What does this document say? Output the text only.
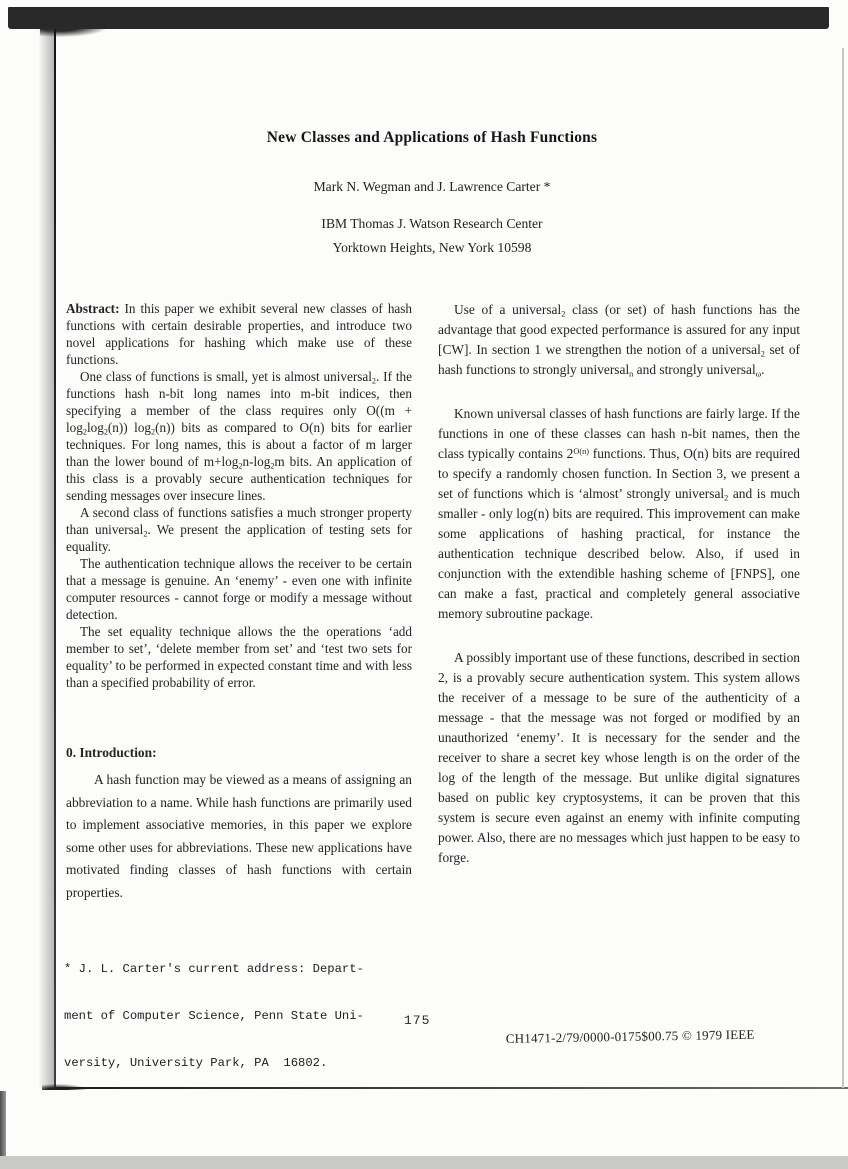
New Classes and Applications of Hash Functions
Mark N. Wegman and J. Lawrence Carter *
IBM Thomas J. Watson Research Center
Yorktown Heights, New York 10598

Abstract: In this paper we exhibit several new classes of hash functions with certain desirable properties, and introduce two novel applications for hashing which make use of these functions.

One class of functions is small, yet is almost universal$_2$. If the functions hash n-bit long names into m-bit indices, then specifying a member of the class requires only $O((m + \log_2\log_2(n))$ $\log_2(n)$) bits as compared to O(n) bits for earlier techniques. For long names, this is about a factor of m larger than the lower bound of $m+\log_2n-\log_2m$ bits. An application of this class is a provably secure authentication techniques for sending messages over insecure lines.

A second class of functions satisfies a much stronger property than universal$_2$. We present the application of testing sets for equality.

The authentication technique allows the receiver to be certain that a message is genuine. An ‘enemy’ - even one with infinite computer resources - cannot forge or modify a message without detection.

The set equality technique allows the the operations ‘add member to set’, ‘delete member from set’ and ‘test two sets for equality’ to be performed in expected constant time and with less than a specified probability of error.

0. Introduction:

A hash function may be viewed as a means of assigning an abbreviation to a name. While hash functions are primarily used to implement associative memories, in this paper we explore some other uses for abbreviations. These new applications have motivated finding classes of hash functions with certain properties.

* J. L. Carter's current address: Depart-

ment of Computer Science, Penn State Uni-

versity, University Park, PA  16802.

Use of a universal$_2$ class (or set) of hash functions has the advantage that good expected performance is assured for any input [CW]. In section 1 we strengthen the notion of a universal$_2$ set of hash functions to strongly universal$_n$ and strongly universal$_\omega$.

Known universal classes of hash functions are fairly large. If the functions in one of these classes can hash n-bit names, then the class typically contains $2^{O(n)}$ functions. Thus, O(n) bits are required to specify a randomly chosen function. In Section 3, we present a set of functions which is ‘almost’ strongly universal$_2$ and is much smaller - only log(n) bits are required. This improvement can make some applications of hashing practical, for instance the authentication technique described below. Also, if used in conjunction with the extendible hashing scheme of [FNPS], one can make a fast, practical and completely general associative memory subroutine package.

A possibly important use of these functions, described in section 2, is a provably secure authentication system. This system allows the receiver of a message to be sure of the authenticity of a message - that the message was not forged or modified by an unauthorized ‘enemy’. It is necessary for the sender and the receiver to share a secret key whose length is on the order of the log of the length of the message. But unlike digital signatures based on public key cryptosystems, it can be proven that this system is secure even against an enemy with infinite computing power. Also, there are no messages which just happen to be easy to forge.

175
CH1471-2/79/0000-0175$00.75 © 1979 IEEE
